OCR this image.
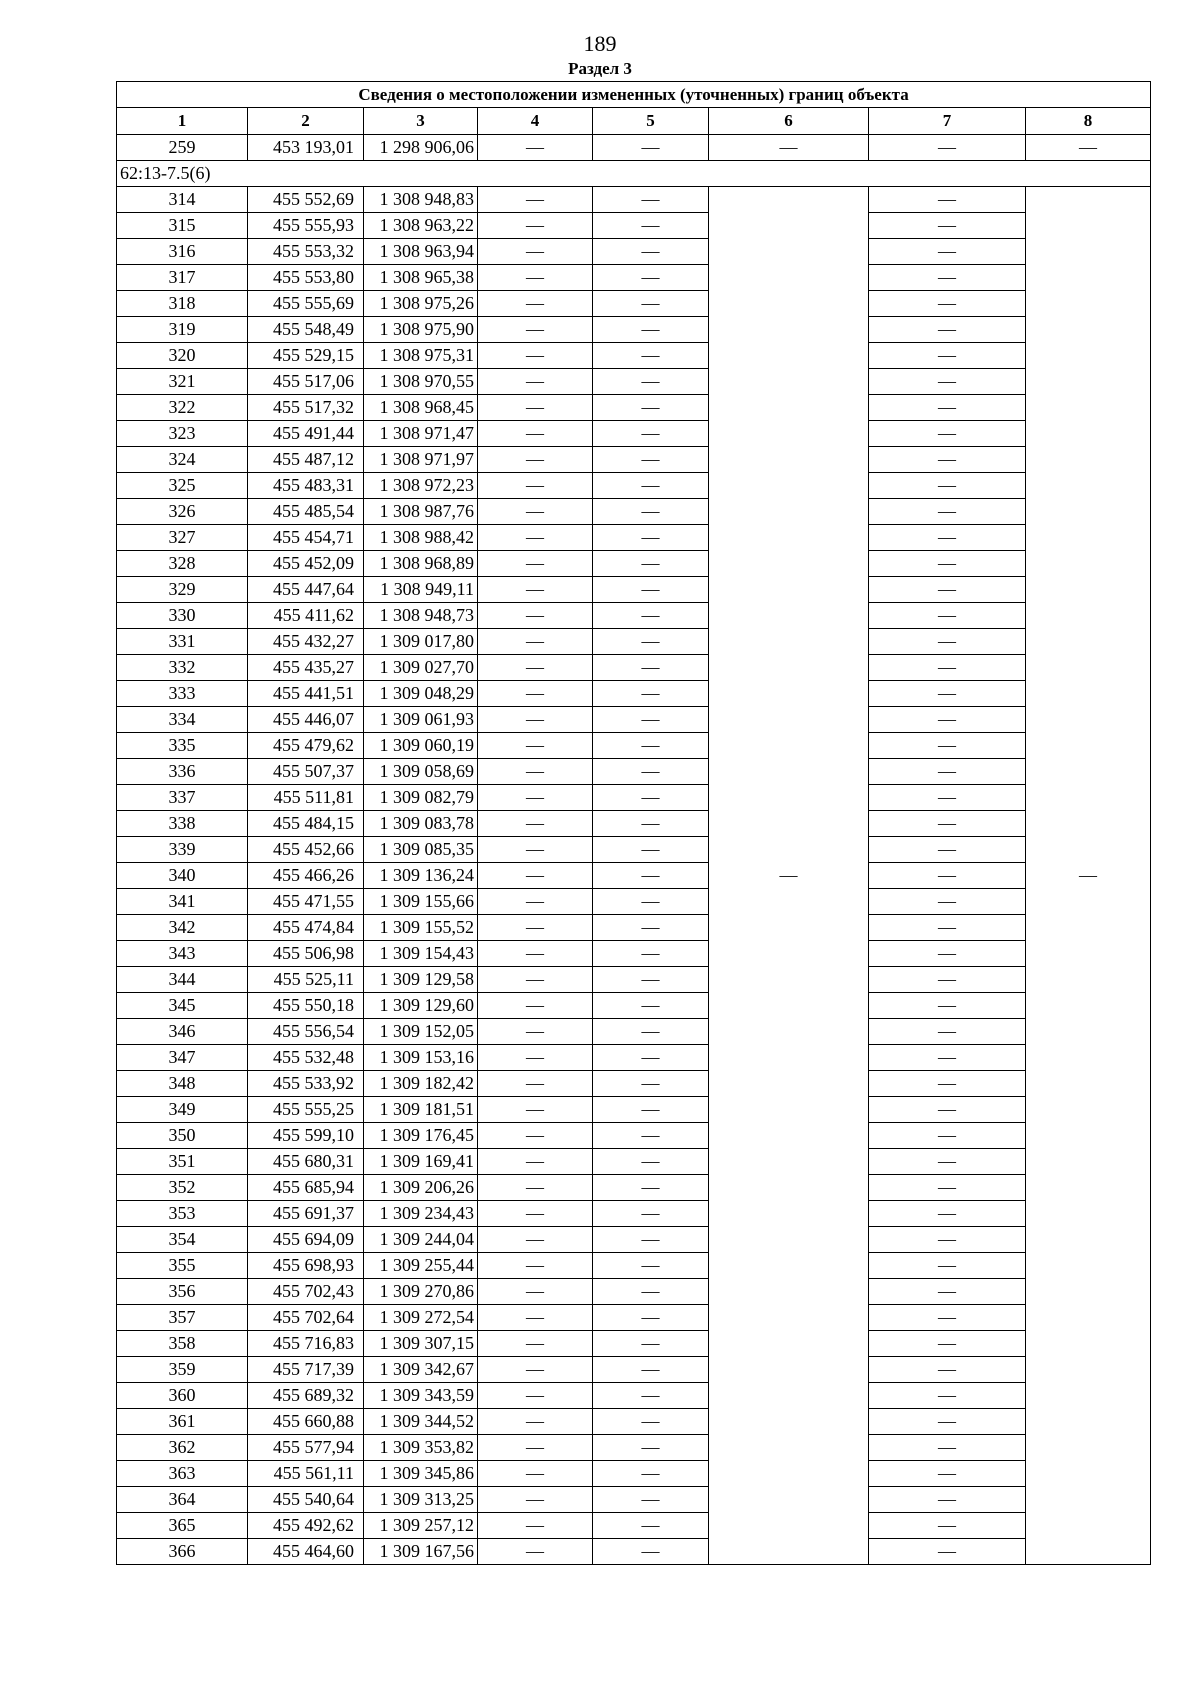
189
Раздел 3
Сведения о местоположении измененных (уточненных) границ объекта							
1	2	3	4	5	6	7	8
259	453 193,01	1 298 906,06	—	—	—	—	—
62:13-7.5(6)							
314	455 552,69	1 308 948,83	—	—	—	—	—
315	455 555,93	1 308 963,22	—	—		—	
316	455 553,32	1 308 963,94	—	—		—	
317	455 553,80	1 308 965,38	—	—		—	
318	455 555,69	1 308 975,26	—	—		—	
319	455 548,49	1 308 975,90	—	—		—	
320	455 529,15	1 308 975,31	—	—		—	
321	455 517,06	1 308 970,55	—	—		—	
322	455 517,32	1 308 968,45	—	—		—	
323	455 491,44	1 308 971,47	—	—		—	
324	455 487,12	1 308 971,97	—	—		—	
325	455 483,31	1 308 972,23	—	—		—	
326	455 485,54	1 308 987,76	—	—		—	
327	455 454,71	1 308 988,42	—	—		—	
328	455 452,09	1 308 968,89	—	—		—	
329	455 447,64	1 308 949,11	—	—		—	
330	455 411,62	1 308 948,73	—	—		—	
331	455 432,27	1 309 017,80	—	—		—	
332	455 435,27	1 309 027,70	—	—		—	
333	455 441,51	1 309 048,29	—	—		—	
334	455 446,07	1 309 061,93	—	—		—	
335	455 479,62	1 309 060,19	—	—		—	
336	455 507,37	1 309 058,69	—	—		—	
337	455 511,81	1 309 082,79	—	—		—	
338	455 484,15	1 309 083,78	—	—		—	
339	455 452,66	1 309 085,35	—	—		—	
340	455 466,26	1 309 136,24	—	—		—	
341	455 471,55	1 309 155,66	—	—		—	
342	455 474,84	1 309 155,52	—	—		—	
343	455 506,98	1 309 154,43	—	—		—	
344	455 525,11	1 309 129,58	—	—		—	
345	455 550,18	1 309 129,60	—	—		—	
346	455 556,54	1 309 152,05	—	—		—	
347	455 532,48	1 309 153,16	—	—		—	
348	455 533,92	1 309 182,42	—	—		—	
349	455 555,25	1 309 181,51	—	—		—	
350	455 599,10	1 309 176,45	—	—		—	
351	455 680,31	1 309 169,41	—	—		—	
352	455 685,94	1 309 206,26	—	—		—	
353	455 691,37	1 309 234,43	—	—		—	
354	455 694,09	1 309 244,04	—	—		—	
355	455 698,93	1 309 255,44	—	—		—	
356	455 702,43	1 309 270,86	—	—		—	
357	455 702,64	1 309 272,54	—	—		—	
358	455 716,83	1 309 307,15	—	—		—	
359	455 717,39	1 309 342,67	—	—		—	
360	455 689,32	1 309 343,59	—	—		—	
361	455 660,88	1 309 344,52	—	—		—	
362	455 577,94	1 309 353,82	—	—		—	
363	455 561,11	1 309 345,86	—	—		—	
364	455 540,64	1 309 313,25	—	—		—	
365	455 492,62	1 309 257,12	—	—		—	
366	455 464,60	1 309 167,56	—	—		—	
